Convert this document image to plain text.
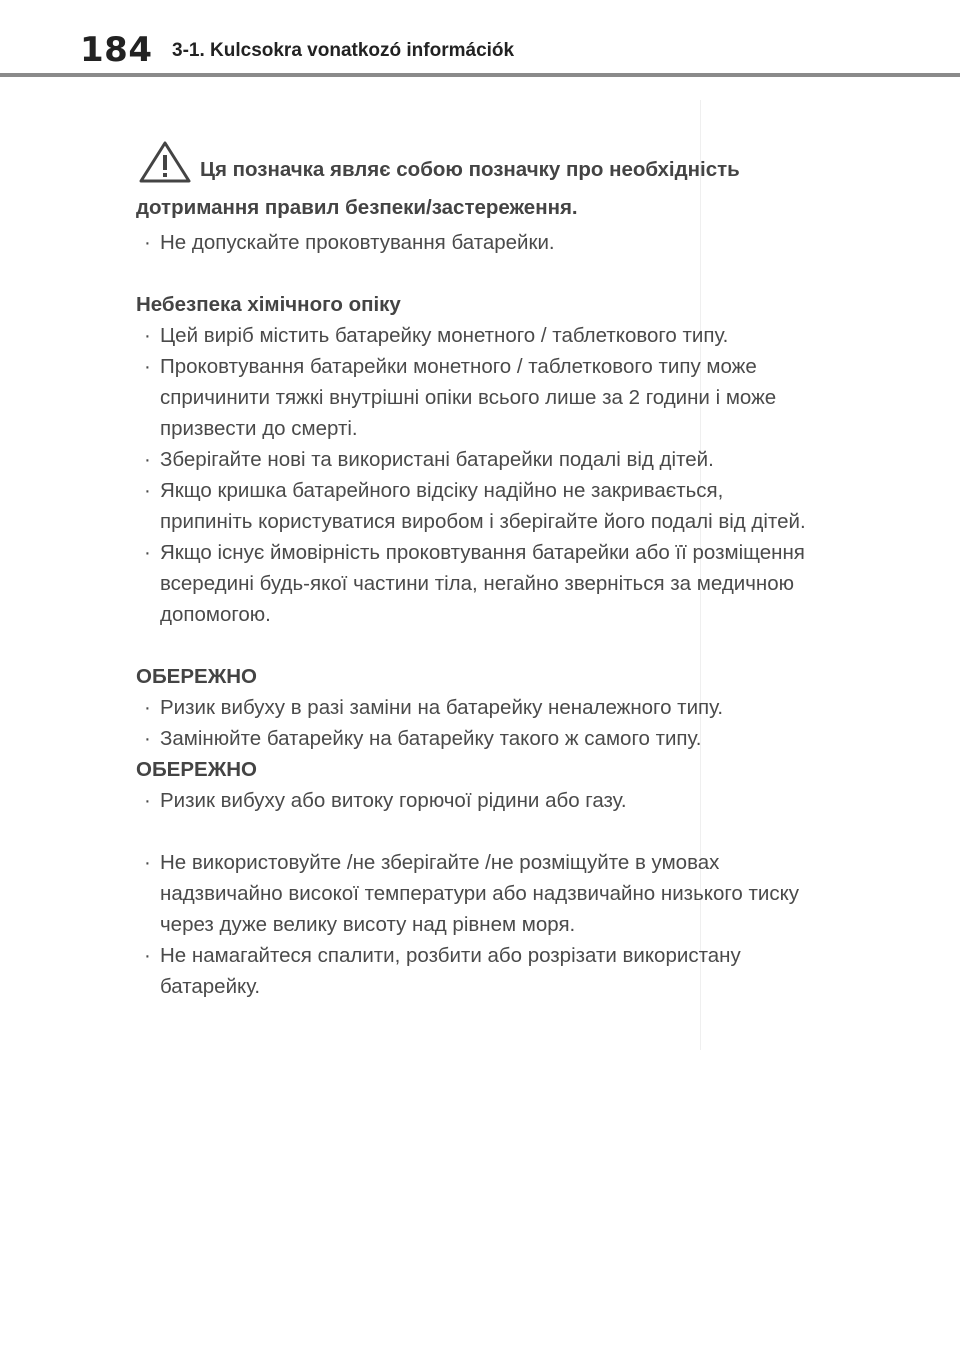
184 3-1. Kulcsokra vonatkozó információk
Ця позначка являє собою позначку про необхідність дотримання правил безпеки/застереження.
· Не допускайте проковтування батарейки.
Небезпека хімічного опіку
· Цей виріб містить батарейку монетного / таблеткового типу.
· Проковтування батарейки монетного / таблеткового типу може спричинити тяжкі внутрішні опіки всього лише за 2 години і може призвести до смерті.
· Зберігайте нові та використані батарейки подалі від дітей.
· Якщо кришка батарейного відсіку надійно не закривається, припиніть користуватися виробом і зберігайте його подалі від дітей.
· Якщо існує ймовірність проковтування батарейки або її розміщення всередині будь-якої частини тіла, негайно зверніться за медичною допомогою.
ОБЕРЕЖНО
· Ризик вибуху в разі заміни на батарейку неналежного типу.
· Замінюйте батарейку на батарейку такого ж самого типу.
ОБЕРЕЖНО
· Ризик вибуху або витоку горючої рідини або газу.
· Не використовуйте /не зберігайте /не розміщуйте в умовах надзвичайно високої температури або надзвичайно низького тиску через дуже велику висоту над рівнем моря.
· Не намагайтеся спалити, розбити або розрізати використану батарейку.
